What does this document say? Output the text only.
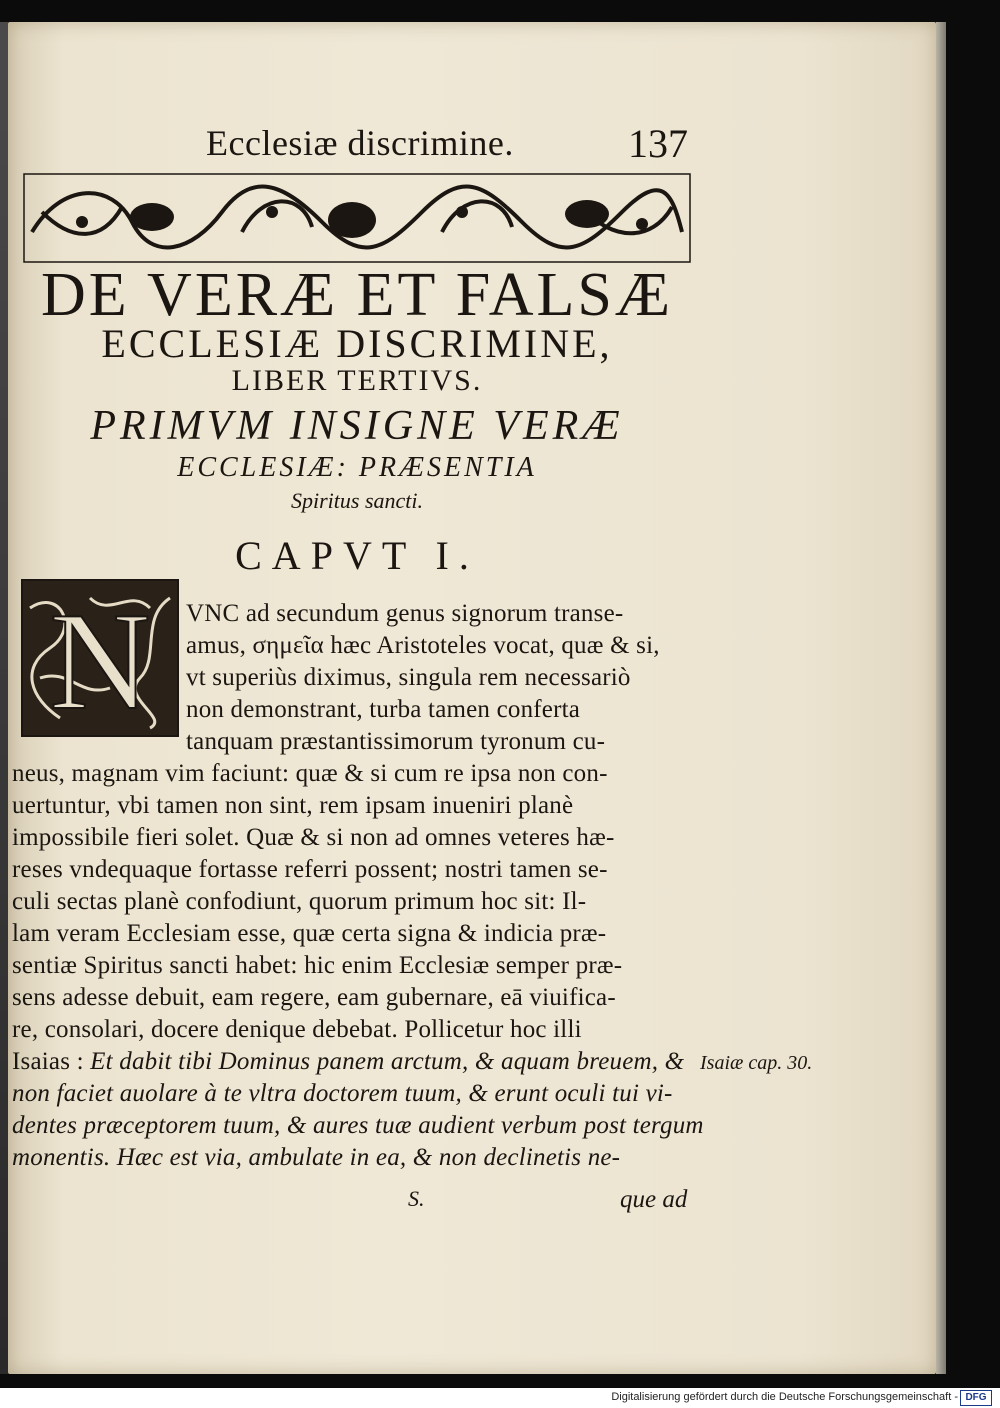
Ecclesiæ discrimine.	137
DE VERÆ ET FALSÆ
ECCLESIÆ DISCRIMINE,
LIBER TERTIVS.
PRIMVM INSIGNE VERÆ
ECCLESIÆ: PRÆSENTIA
Spiritus sancti.
CAPVT I.
N VNC ad secundum genus signorum transe-
amus, σημεῖα hæc Aristoteles vocat, quæ & si,
vt superiùs diximus, singula rem necessariò
non demonstrant, turba tamen conferta
tanquam præstantissimorum tyronum cu-
neus, magnam vim faciunt: quæ & si cum re ipsa non con-
uertuntur, vbi tamen non sint, rem ipsam inueniri planè
impossibile fieri solet. Quæ & si non ad omnes veteres hæ-
reses vndequaque fortasse referri possent; nostri tamen se-
culi sectas planè confodiunt, quorum primum hoc sit: Il-
lam veram Ecclesiam esse, quæ certa signa & indicia præ-
sentiæ Spiritus sancti habet: hic enim Ecclesiæ semper præ-
sens adesse debuit, eam regere, eam gubernare, eā viuifica-
re, consolari, docere denique debebat. Pollicetur hoc illi
Isaias : Et dabit tibi Dominus panem arctum, & aquam breuem, &
non faciet auolare à te vltra doctorem tuum, & erunt oculi tui vi-
dentes præceptorem tuum, & aures tuæ audient verbum post tergum
monentis. Hæc est via, ambulate in ea, & non declinetis ne-
Isaiæ cap. 30.
S.	que ad
Digitalisierung gefördert durch die Deutsche Forschungsgemeinschaft - DFG
